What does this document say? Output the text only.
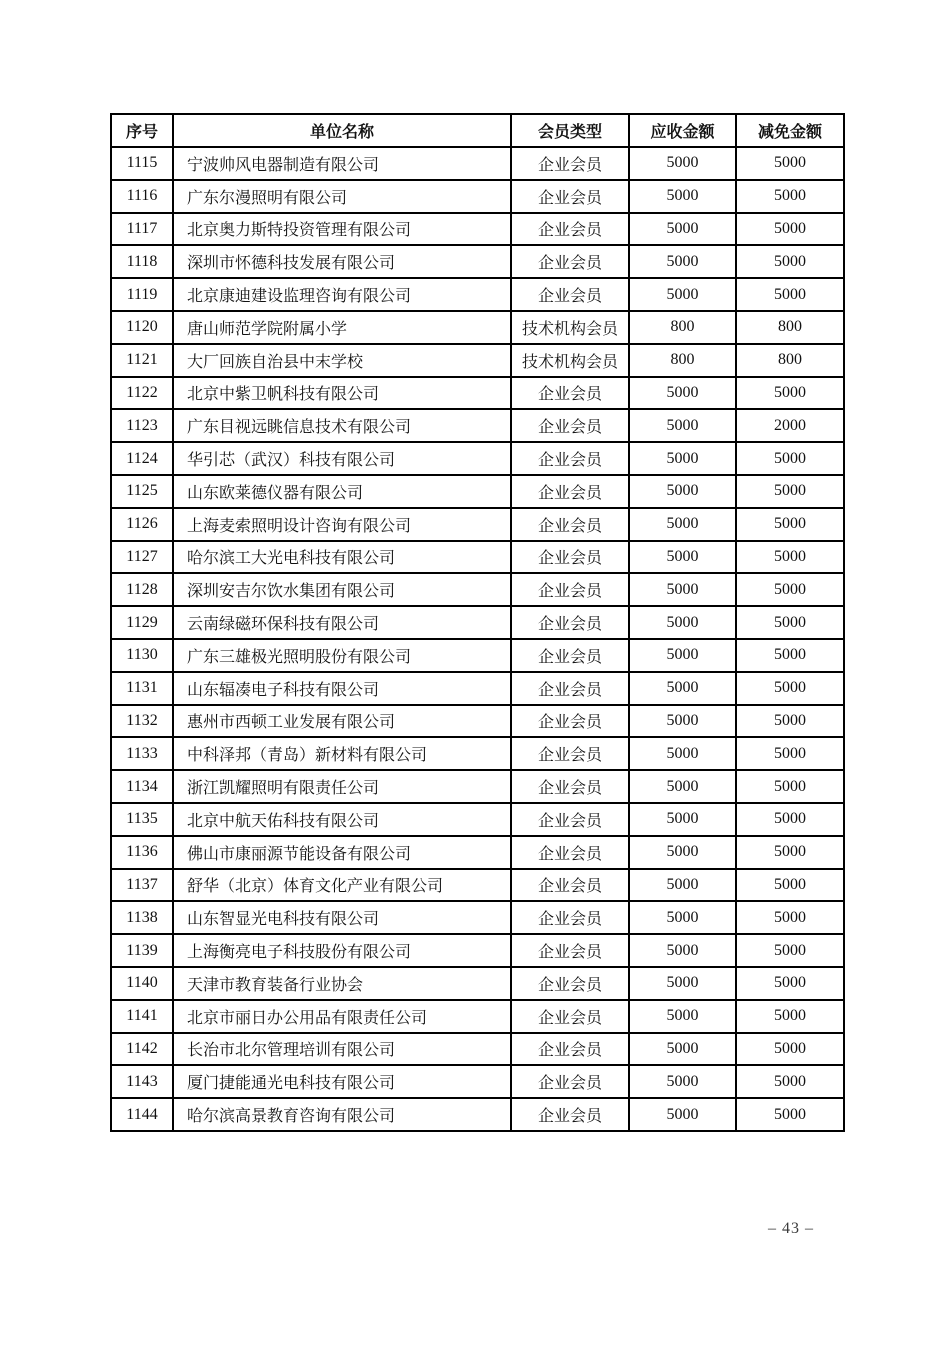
序号	单位名称	会员类型	应收金额	减免金额
1115	宁波帅风电器制造有限公司	企业会员	5000	5000
1116	广东尔漫照明有限公司	企业会员	5000	5000
1117	北京奥力斯特投资管理有限公司	企业会员	5000	5000
1118	深圳市怀德科技发展有限公司	企业会员	5000	5000
1119	北京康迪建设监理咨询有限公司	企业会员	5000	5000
1120	唐山师范学院附属小学	技术机构会员	800	800
1121	大厂回族自治县中末学校	技术机构会员	800	800
1122	北京中紫卫帆科技有限公司	企业会员	5000	5000
1123	广东目视远眺信息技术有限公司	企业会员	5000	2000
1124	华引芯（武汉）科技有限公司	企业会员	5000	5000
1125	山东欧莱德仪器有限公司	企业会员	5000	5000
1126	上海麦索照明设计咨询有限公司	企业会员	5000	5000
1127	哈尔滨工大光电科技有限公司	企业会员	5000	5000
1128	深圳安吉尔饮水集团有限公司	企业会员	5000	5000
1129	云南绿磁环保科技有限公司	企业会员	5000	5000
1130	广东三雄极光照明股份有限公司	企业会员	5000	5000
1131	山东辐凑电子科技有限公司	企业会员	5000	5000
1132	惠州市西顿工业发展有限公司	企业会员	5000	5000
1133	中科泽邦（青岛）新材料有限公司	企业会员	5000	5000
1134	浙江凯耀照明有限责任公司	企业会员	5000	5000
1135	北京中航天佑科技有限公司	企业会员	5000	5000
1136	佛山市康丽源节能设备有限公司	企业会员	5000	5000
1137	舒华（北京）体育文化产业有限公司	企业会员	5000	5000
1138	山东智显光电科技有限公司	企业会员	5000	5000
1139	上海衡亮电子科技股份有限公司	企业会员	5000	5000
1140	天津市教育装备行业协会	企业会员	5000	5000
1141	北京市丽日办公用品有限责任公司	企业会员	5000	5000
1142	长治市北尔管理培训有限公司	企业会员	5000	5000
1143	厦门捷能通光电科技有限公司	企业会员	5000	5000
1144	哈尔滨高景教育咨询有限公司	企业会员	5000	5000
– 43 –
